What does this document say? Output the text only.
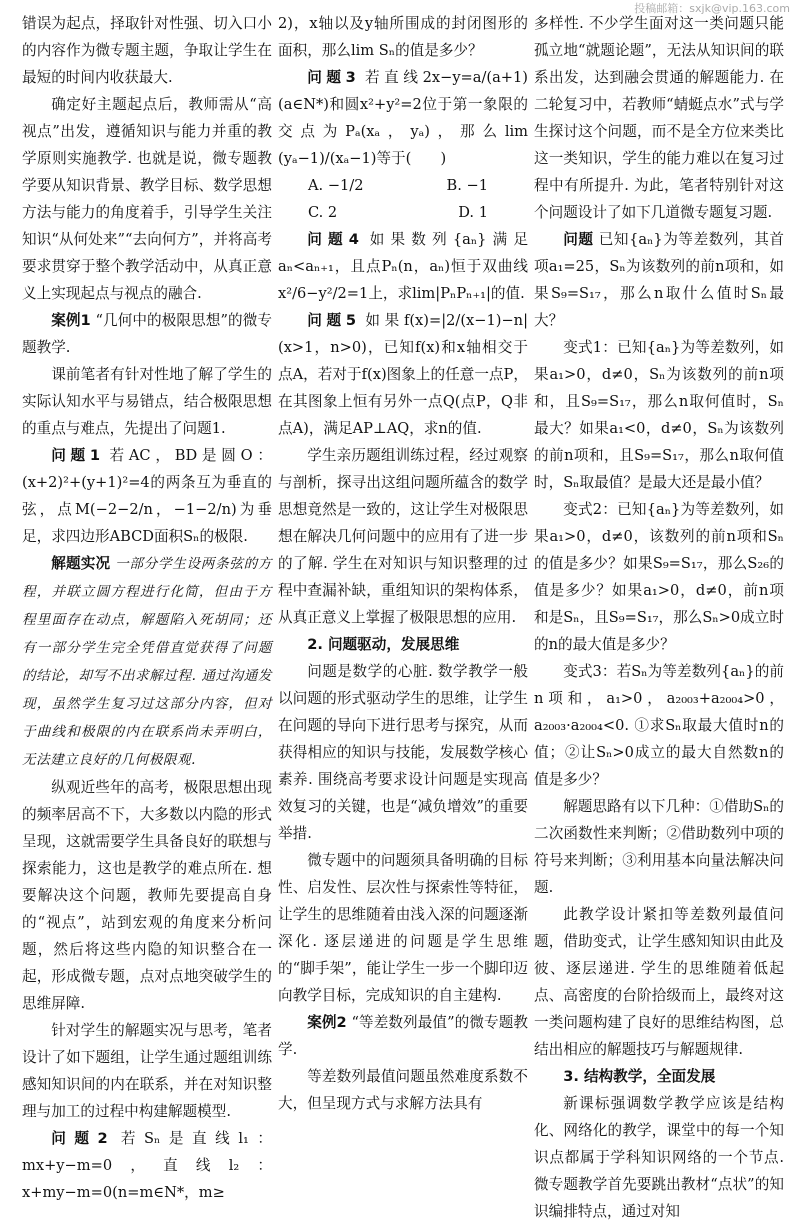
投稿邮箱：sxjk@vip.163.com

错误为起点，择取针对性强、切入口小的内容作为微专题主题，争取让学生在最短的时间内收获最大.

确定好主题起点后，教师需从“高视点”出发，遵循知识与能力并重的教学原则实施教学. 也就是说，微专题教学要从知识背景、教学目标、数学思想方法与能力的角度着手，引导学生关注知识“从何处来”“去向何方”，并将高考要求贯穿于整个教学活动中，从真正意义上实现起点与视点的融合.

案例1 “几何中的极限思想”的微专题教学.

课前笔者有针对性地了解了学生的实际认知水平与易错点，结合极限思想的重点与难点，先提出了问题1.

问题1 若AC，BD是圆O：(x+2)²+(y+1)²=4的两条互为垂直的弦，点M(−2−2/n，−1−2/n)为垂足，求四边形ABCD面积Sₙ的极限.

解题实况 一部分学生设两条弦的方程，并联立圆方程进行化简，但由于方程里面存在动点，解题陷入死胡同；还有一部分学生完全凭借直觉获得了问题的结论，却写不出求解过程. 通过沟通发现，虽然学生复习过这部分内容，但对于曲线和极限的内在联系尚未弄明白，无法建立良好的几何极限观.

纵观近些年的高考，极限思想出现的频率居高不下，大多数以内隐的形式呈现，这就需要学生具备良好的联想与探索能力，这也是教学的难点所在. 想要解决这个问题，教师先要提高自身的“视点”，站到宏观的角度来分析问题，然后将这些内隐的知识整合在一起，形成微专题，点对点地突破学生的思维屏障.

针对学生的解题实况与思考，笔者设计了如下题组，让学生通过题组训练感知知识间的内在联系，并在对知识整理与加工的过程中构建解题模型.

问题2 若Sₙ是直线l₁：mx+y−m=0，直线l₂：x+my−m=0(n=m∈N*，m≥

2)，x轴以及y轴所围成的封闭图形的面积，那么lim Sₙ的值是多少？

问题3 若直线2x−y=a/(a+1)(a∈N*)和圆x²+y²=2位于第一象限的交点为Pₐ(xₐ，yₐ)，那么lim (yₐ−1)/(xₐ−1)等于(　　)

A. −1/2	B. −1
C. 2	D. 1

问题4 如果数列{aₙ}满足aₙ<aₙ₊₁，且点Pₙ(n，aₙ)恒于双曲线x²/6−y²/2=1上，求lim|PₙPₙ₊₁|的值.

问题5 如果f(x)=|2/(x−1)−n|(x>1，n>0)，已知f(x)和x轴相交于点A，若对于f(x)图象上的任意一点P，在其图象上恒有另外一点Q(点P，Q非点A)，满足AP⊥AQ，求n的值.

学生亲历题组训练过程，经过观察与剖析，探寻出这组问题所蕴含的数学思想竟然是一致的，这让学生对极限思想在解决几何问题中的应用有了进一步的了解. 学生在对知识与知识整理的过程中查漏补缺，重组知识的架构体系，从真正意义上掌握了极限思想的应用.

2. 问题驱动，发展思维

问题是数学的心脏. 数学教学一般以问题的形式驱动学生的思维，让学生在问题的导向下进行思考与探究，从而获得相应的知识与技能，发展数学核心素养. 围绕高考要求设计问题是实现高效复习的关键，也是“减负增效”的重要举措.

微专题中的问题须具备明确的目标性、启发性、层次性与探索性等特征，让学生的思维随着由浅入深的问题逐渐深化. 逐层递进的问题是学生思维的“脚手架”，能让学生一步一个脚印迈向教学目标，完成知识的自主建构.

案例2 “等差数列最值”的微专题教学.

等差数列最值问题虽然难度系数不大，但呈现方式与求解方法具有

多样性. 不少学生面对这一类问题只能孤立地“就题论题”，无法从知识间的联系出发，达到融会贯通的解题能力. 在二轮复习中，若教师“蜻蜓点水”式与学生探讨这个问题，而不是全方位来类比这一类知识，学生的能力难以在复习过程中有所提升. 为此，笔者特别针对这个问题设计了如下几道微专题复习题.

问题 已知{aₙ}为等差数列，其首项a₁=25，Sₙ为该数列的前n项和，如果S₉=S₁₇，那么n取什么值时Sₙ最大？

变式1：已知{aₙ}为等差数列，如果a₁>0，d≠0，Sₙ为该数列的前n项和，且S₉=S₁₇，那么n取何值时，Sₙ最大？如果a₁<0，d≠0，Sₙ为该数列的前n项和，且S₉=S₁₇，那么n取何值时，Sₙ取最值？是最大还是最小值？

变式2：已知{aₙ}为等差数列，如果a₁>0，d≠0，该数列的前n项和Sₙ的值是多少？如果S₉=S₁₇，那么S₂₆的值是多少？如果a₁>0，d≠0，前n项和是Sₙ，且S₉=S₁₇，那么Sₙ>0成立时的n的最大值是多少？

变式3：若Sₙ为等差数列{aₙ}的前n项和，a₁>0，a₂₀₀₃+a₂₀₀₄>0，a₂₀₀₃·a₂₀₀₄<0. ①求Sₙ取最大值时n的值；②让Sₙ>0成立的最大自然数n的值是多少？

解题思路有以下几种：①借助Sₙ的二次函数性来判断；②借助数列中项的符号来判断；③利用基本向量法解决问题.

此教学设计紧扣等差数列最值问题，借助变式，让学生感知知识由此及彼、逐层递进. 学生的思维随着低起点、高密度的台阶拾级而上，最终对这一类问题构建了良好的思维结构图，总结出相应的解题技巧与解题规律.

3. 结构教学，全面发展

新课标强调数学教学应该是结构化、网络化的教学，课堂中的每一个知识点都属于学科知识网络的一个节点. 微专题教学首先要跳出教材“点状”的知识编排特点，通过对知
